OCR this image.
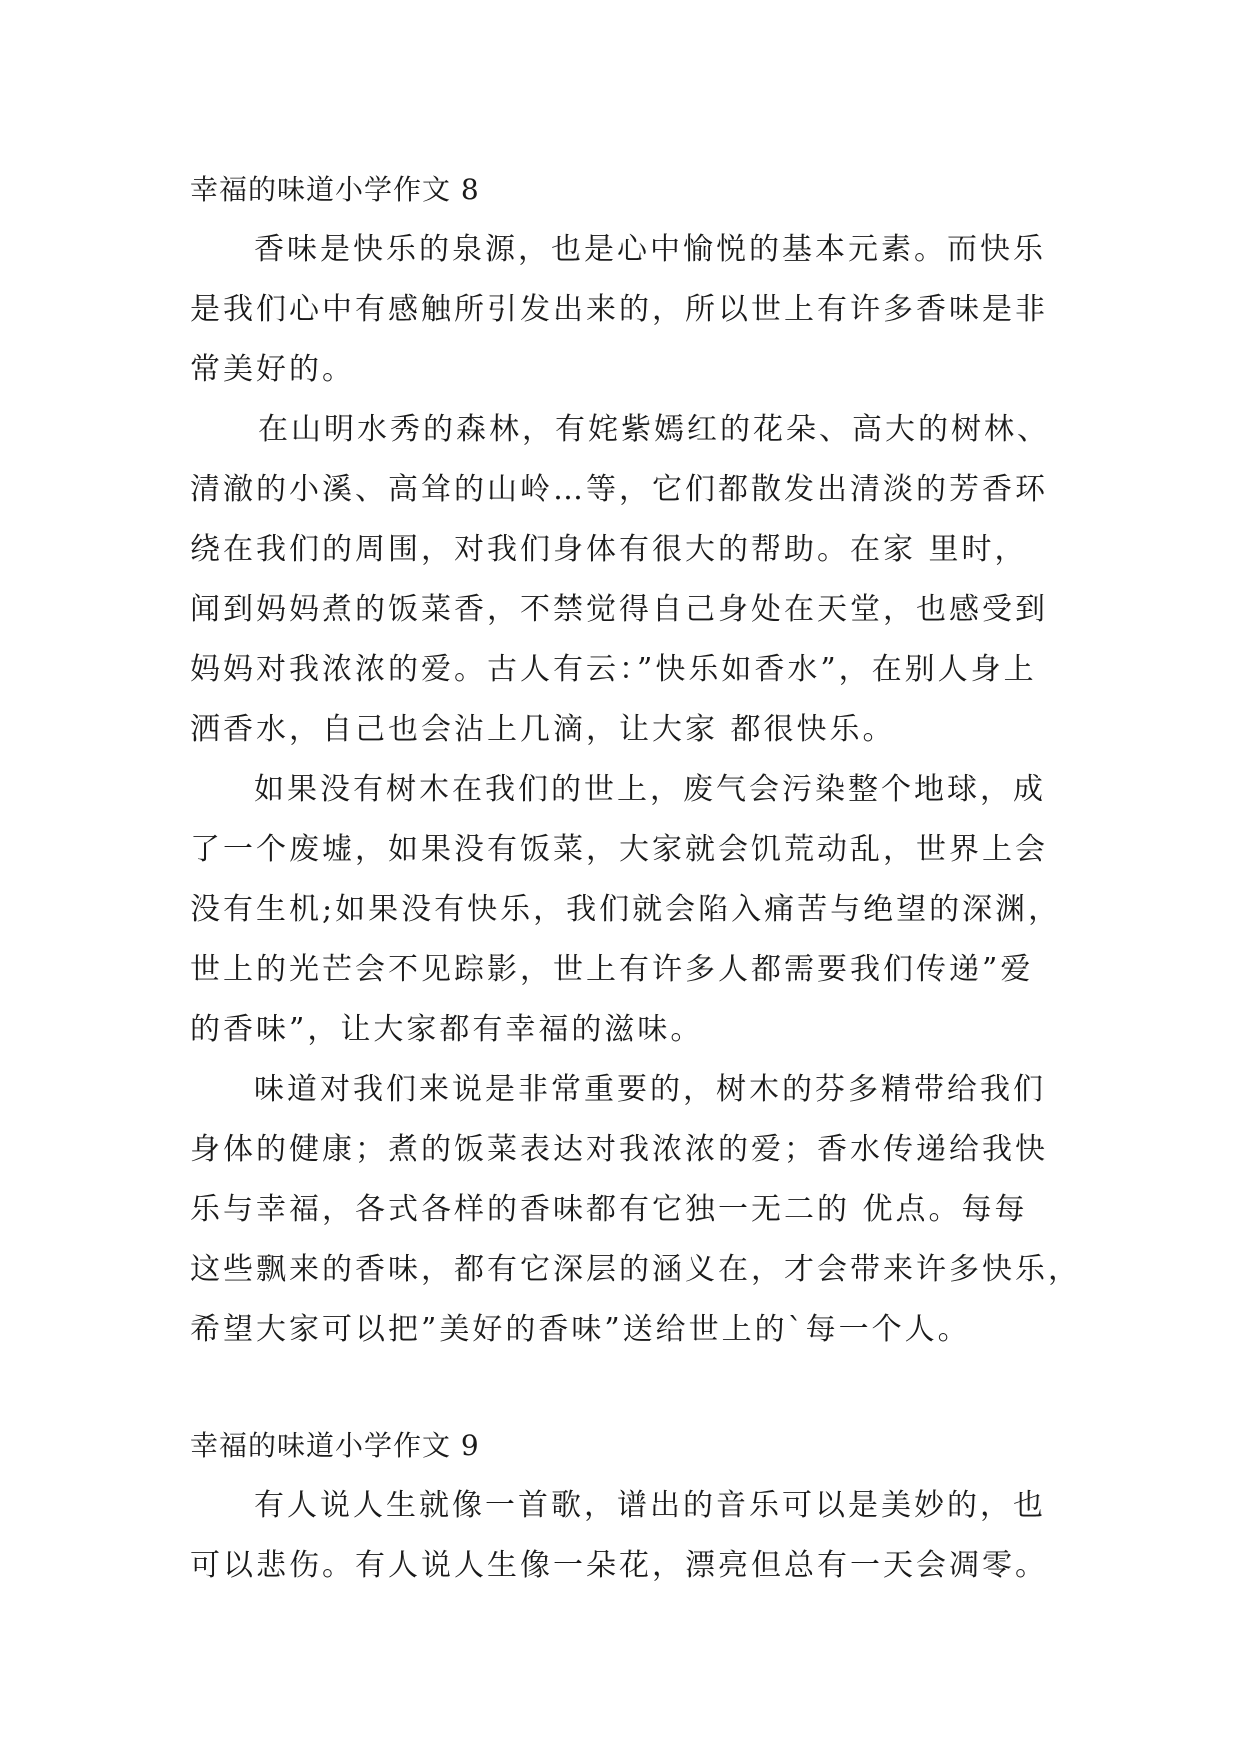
幸福的味道小学作文 8

香味是快乐的泉源，也是心中愉悦的基本元素。而快乐
是我们心中有感触所引发出来的，所以世上有许多香味是非
常美好的。

在山明水秀的森林，有姹紫嫣红的花朵、高大的树林、
清澈的小溪、高耸的山岭…等，它们都散发出清淡的芳香环
绕在我们的周围，对我们身体有很大的帮助。在家 里时，
闻到妈妈煮的饭菜香，不禁觉得自己身处在天堂，也感受到
妈妈对我浓浓的爱。古人有云：”快乐如香水”，在别人身上
洒香水，自己也会沾上几滴，让大家 都很快乐。

如果没有树木在我们的世上，废气会污染整个地球，成
了一个废墟，如果没有饭菜，大家就会饥荒动乱，世界上会
没有生机;如果没有快乐，我们就会陷入痛苦与绝望的深渊，
世上的光芒会不见踪影，世上有许多人都需要我们传递”爱
的香味”，让大家都有幸福的滋味。

味道对我们来说是非常重要的，树木的芬多精带给我们
身体的健康；煮的饭菜表达对我浓浓的爱；香水传递给我快
乐与幸福，各式各样的香味都有它独一无二的 优点。每每
这些飘来的香味，都有它深层的涵义在，才会带来许多快乐，
希望大家可以把”美好的香味”送给世上的`每一个人。

幸福的味道小学作文 9

有人说人生就像一首歌，谱出的音乐可以是美妙的，也
可以悲伤。有人说人生像一朵花，漂亮但总有一天会凋零。
